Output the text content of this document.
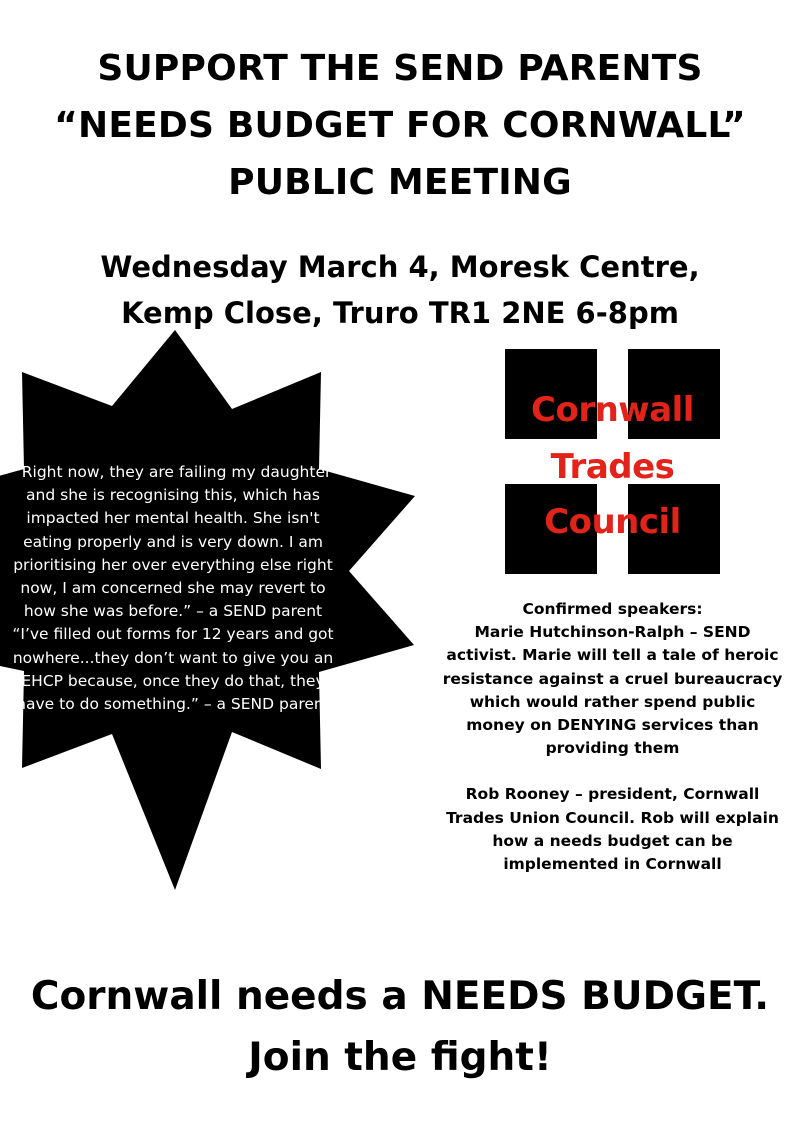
SUPPORT THE SEND PARENTS
“NEEDS BUDGET FOR CORNWALL”
PUBLIC MEETING
Wednesday March 4, Moresk Centre,
Kemp Close, Truro TR1 2NE 6-8pm
"Right now, they are failing my daughter and she is recognising this, which has impacted her mental health. She isn't eating properly and is very down. I am prioritising her over everything else right now, I am concerned she may revert to how she was before.” – a SEND parent “I’ve filled out forms for 12 years and got nowhere...they don’t want to give you an EHCP because, once they do that, they have to do something.” – a SEND parent
Cornwall
Trades
Council
Confirmed speakers:
Marie Hutchinson-Ralph – SEND activist. Marie will tell a tale of heroic resistance against a cruel bureaucracy which would rather spend public money on DENYING services than providing them
Rob Rooney – president, Cornwall Trades Union Council. Rob will explain how a needs budget can be implemented in Cornwall
Cornwall needs a NEEDS BUDGET.
Join the fight!
